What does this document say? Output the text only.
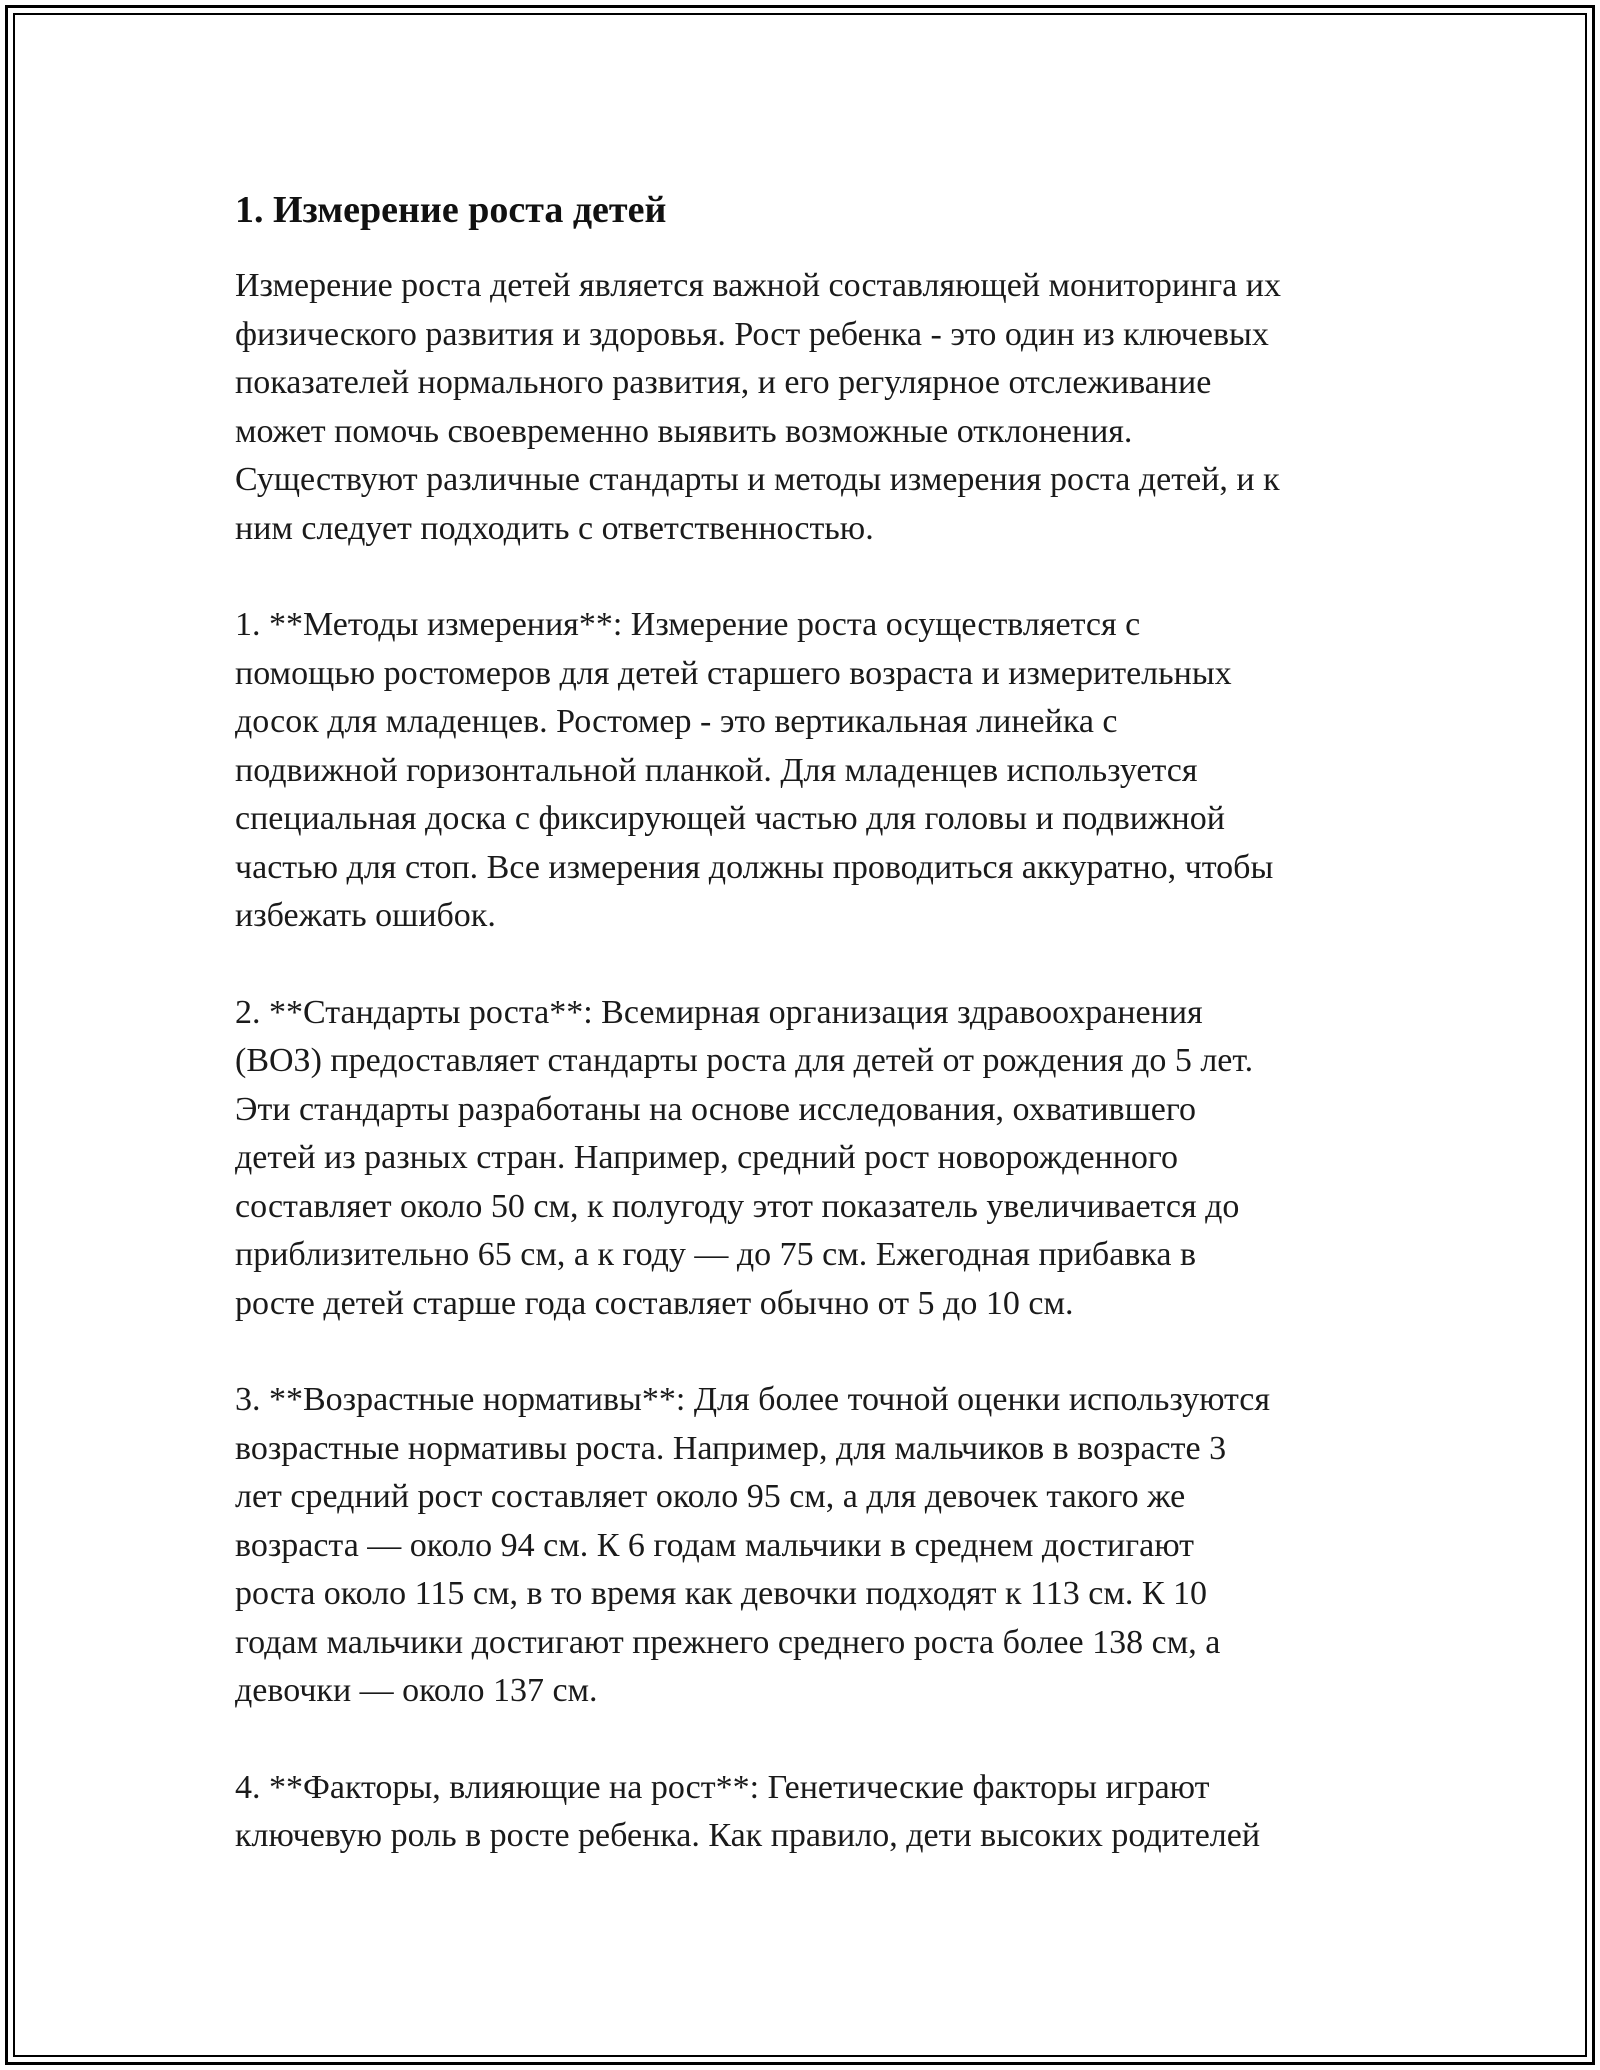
1. Измерение роста детей

Измерение роста детей является важной составляющей мониторинга их
физического развития и здоровья. Рост ребенка - это один из ключевых
показателей нормального развития, и его регулярное отслеживание
может помочь своевременно выявить возможные отклонения.
Существуют различные стандарты и методы измерения роста детей, и к
ним следует подходить с ответственностью.

1. **Методы измерения**: Измерение роста осуществляется с
помощью ростомеров для детей старшего возраста и измерительных
досок для младенцев. Ростомер - это вертикальная линейка с
подвижной горизонтальной планкой. Для младенцев используется
специальная доска с фиксирующей частью для головы и подвижной
частью для стоп. Все измерения должны проводиться аккуратно, чтобы
избежать ошибок.

2. **Стандарты роста**: Всемирная организация здравоохранения
(ВОЗ) предоставляет стандарты роста для детей от рождения до 5 лет.
Эти стандарты разработаны на основе исследования, охватившего
детей из разных стран. Например, средний рост новорожденного
составляет около 50 см, к полугоду этот показатель увеличивается до
приблизительно 65 см, а к году — до 75 см. Ежегодная прибавка в
росте детей старше года составляет обычно от 5 до 10 см.

3. **Возрастные нормативы**: Для более точной оценки используются
возрастные нормативы роста. Например, для мальчиков в возрасте 3
лет средний рост составляет около 95 см, а для девочек такого же
возраста — около 94 см. К 6 годам мальчики в среднем достигают
роста около 115 см, в то время как девочки подходят к 113 см. К 10
годам мальчики достигают прежнего среднего роста более 138 см, а
девочки — около 137 см.

4. **Факторы, влияющие на рост**: Генетические факторы играют
ключевую роль в росте ребенка. Как правило, дети высоких родителей
